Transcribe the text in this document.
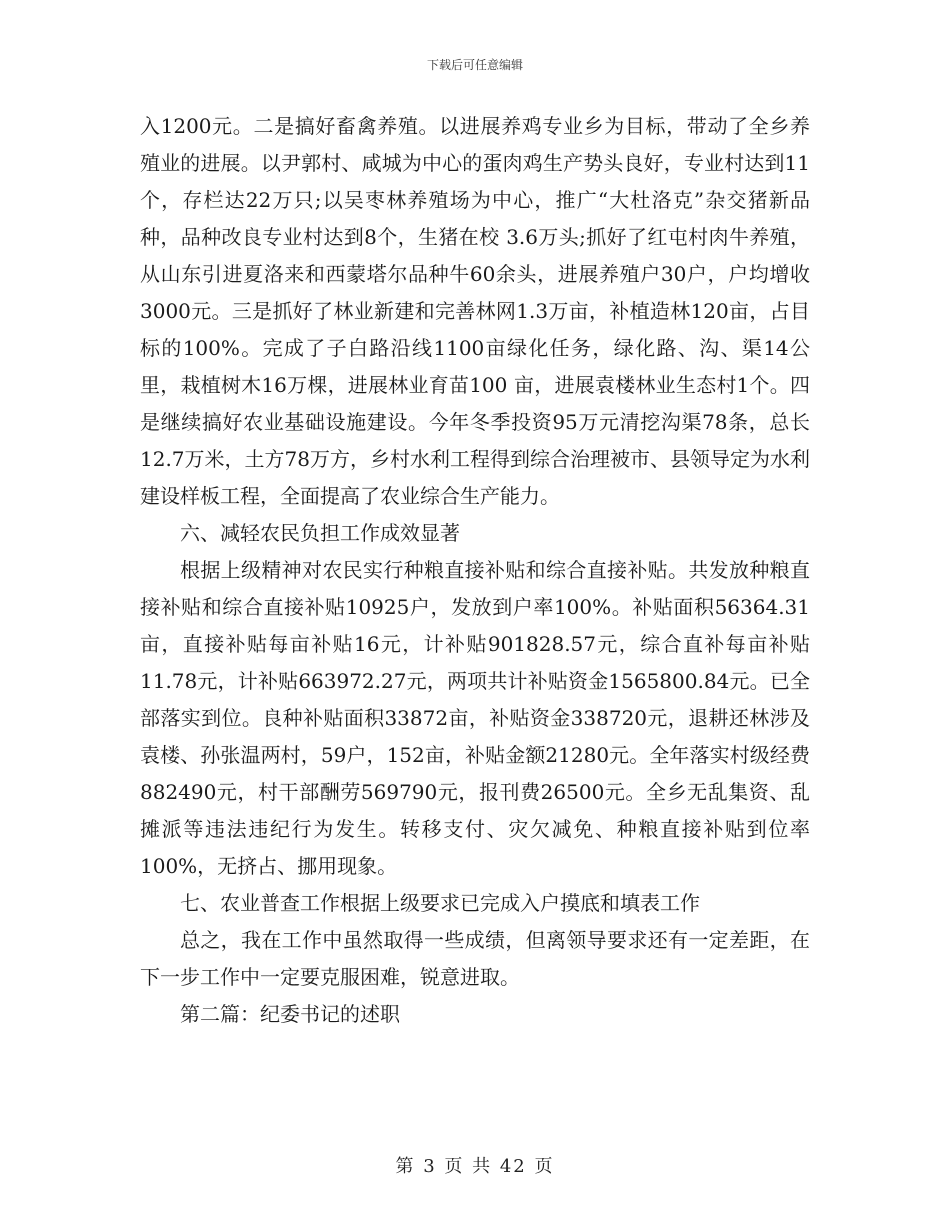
下载后可任意编辑

入1200元。二是搞好畜禽养殖。以进展养鸡专业乡为目标，带动了全乡养殖业的进展。以尹郭村、咸城为中心的蛋肉鸡生产势头良好，专业村达到11个，存栏达22万只;以吴枣林养殖场为中心，推广“大杜洛克”杂交猪新品种，品种改良专业村达到8个，生猪在校 3.6万头;抓好了红屯村肉牛养殖，从山东引进夏洛来和西蒙塔尔品种牛60余头，进展养殖户30户，户均增收3000元。三是抓好了林业新建和完善林网1.3万亩，补植造林120亩，占目标的100%。完成了子白路沿线1100亩绿化任务，绿化路、沟、渠14公里，栽植树木16万棵，进展林业育苗100 亩，进展袁楼林业生态村1个。四是继续搞好农业基础设施建设。今年冬季投资95万元清挖沟渠78条，总长12.7万米，土方78万方，乡村水利工程得到综合治理被市、县领导定为水利建设样板工程，全面提高了农业综合生产能力。

六、减轻农民负担工作成效显著

根据上级精神对农民实行种粮直接补贴和综合直接补贴。共发放种粮直接补贴和综合直接补贴10925户，发放到户率100%。补贴面积56364.31亩，直接补贴每亩补贴16元，计补贴901828.57元，综合直补每亩补贴11.78元，计补贴663972.27元，两项共计补贴资金1565800.84元。已全部落实到位。良种补贴面积33872亩，补贴资金338720元，退耕还林涉及袁楼、孙张温两村，59户，152亩，补贴金额21280元。全年落实村级经费882490元，村干部酬劳569790元，报刊费26500元。全乡无乱集资、乱摊派等违法违纪行为发生。转移支付、灾欠减免、种粮直接补贴到位率100%，无挤占、挪用现象。

七、农业普查工作根据上级要求已完成入户摸底和填表工作

总之，我在工作中虽然取得一些成绩，但离领导要求还有一定差距，在下一步工作中一定要克服困难，锐意进取。

第二篇：纪委书记的述职

第 3 页 共 42 页
